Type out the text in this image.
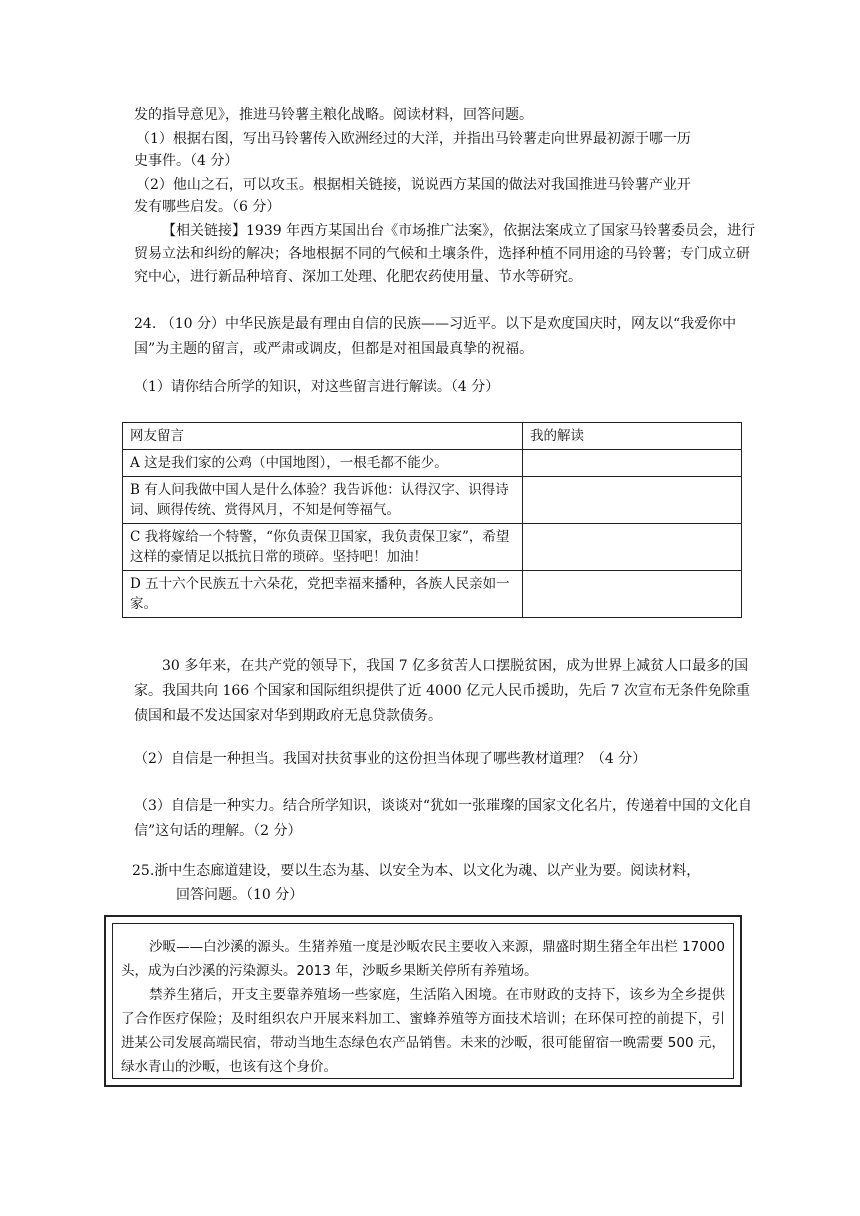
发的指导意见》，推进马铃薯主粮化战略。阅读材料，回答问题。

（1）根据右图，写出马铃薯传入欧洲经过的大洋，并指出马铃薯走向世界最初源于哪一历

史事件。（4 分）

（2）他山之石，可以攻玉。根据相关链接，说说西方某国的做法对我国推进马铃薯产业开

发有哪些启发。（6 分）

【相关链接】1939 年西方某国出台《市场推广法案》，依据法案成立了国家马铃薯委员会，进行贸易立法和纠纷的解决；各地根据不同的气候和土壤条件，选择种植不同用途的马铃薯；专门成立研究中心，进行新品种培育、深加工处理、化肥农药使用量、节水等研究。

24. （10 分）中华民族是最有理由自信的民族——习近平。以下是欢度国庆时，网友以“我爱你中国”为主题的留言，或严肃或调皮，但都是对祖国最真挚的祝福。

（1）请你结合所学的知识，对这些留言进行解读。（4 分）

网友留言	我的解读
A 这是我们家的公鸡（中国地图），一根毛都不能少。	
B 有人问我做中国人是什么体验？我告诉他：认得汉字、识得诗词、顾得传统、赏得风月，不知是何等福气。	
C 我将嫁给一个特警，“你负责保卫国家，我负责保卫家”，希望这样的豪情足以抵抗日常的琐碎。坚持吧！加油！	
D 五十六个民族五十六朵花，党把幸福来播种，各族人民亲如一家。	

30 多年来，在共产党的领导下，我国 7 亿多贫苦人口摆脱贫困，成为世界上减贫人口最多的国家。我国共向 166 个国家和国际组织提供了近 4000 亿元人民币援助，先后 7 次宣布无条件免除重债国和最不发达国家对华到期政府无息贷款债务。

（2）自信是一种担当。我国对扶贫事业的这份担当体现了哪些教材道理？（4 分）

（3）自信是一种实力。结合所学知识，谈谈对“犹如一张璀璨的国家文化名片，传递着中国的文化自信”这句话的理解。（2 分）

25.浙中生态廊道建设，要以生态为基、以安全为本、以文化为魂、以产业为要。阅读材料，

回答问题。（10 分）

沙畈——白沙溪的源头。生猪养殖一度是沙畈农民主要收入来源，鼎盛时期生猪全年出栏 17000 头，成为白沙溪的污染源头。2013 年，沙畈乡果断关停所有养殖场。

禁养生猪后，开支主要靠养殖场一些家庭，生活陷入困境。在市财政的支持下，该乡为全乡提供了合作医疗保险；及时组织农户开展来料加工、蜜蜂养殖等方面技术培训；在环保可控的前提下，引进某公司发展高端民宿，带动当地生态绿色农产品销售。未来的沙畈，很可能留宿一晚需要 500 元，绿水青山的沙畈，也该有这个身价。
